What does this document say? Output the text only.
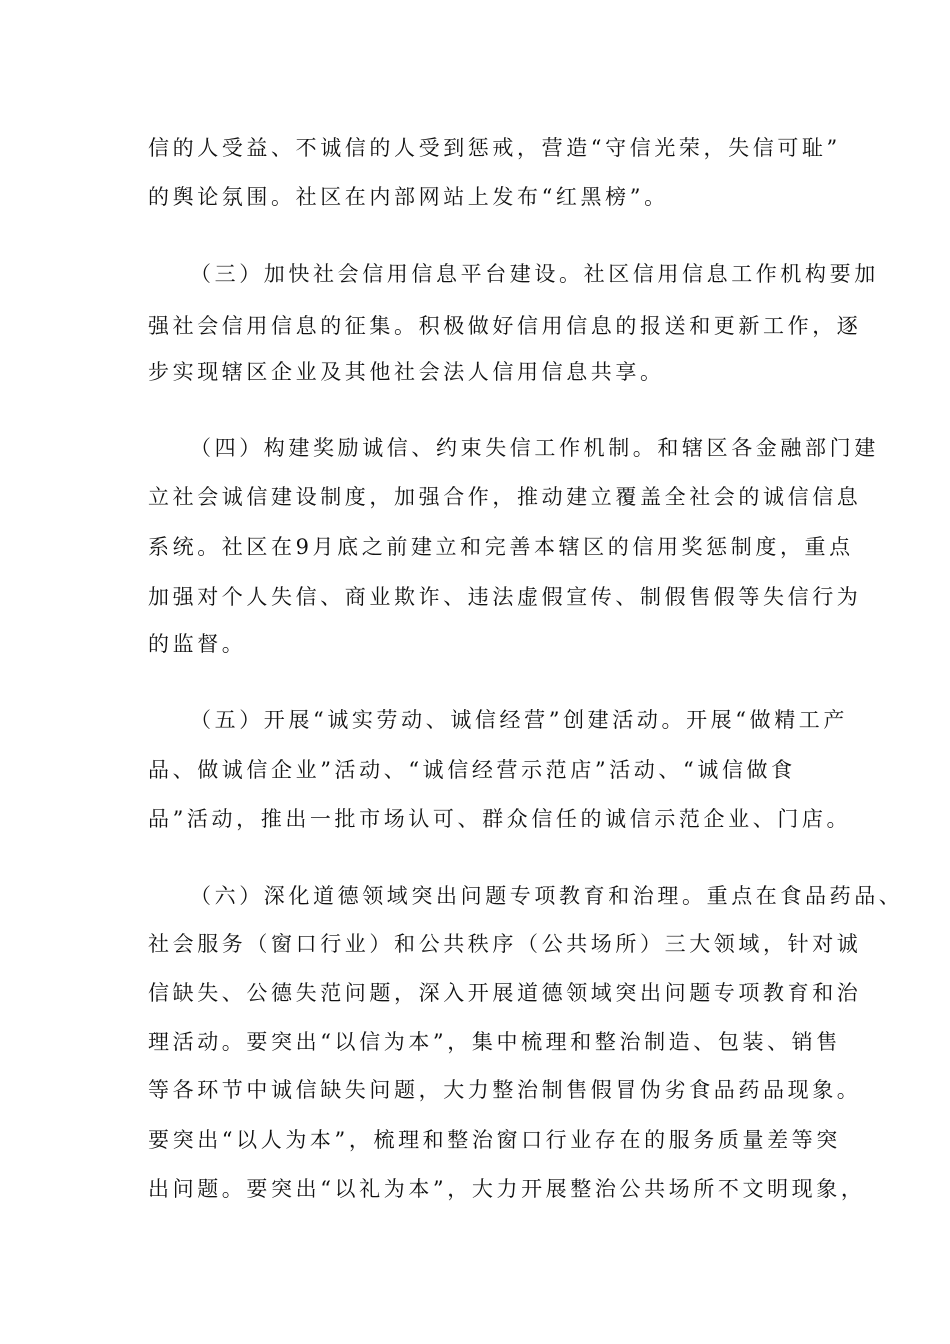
信的人受益、不诚信的人受到惩戒，营造“守信光荣，失信可耻”
的舆论氛围。社区在内部网站上发布“红黑榜”。
（三）加快社会信用信息平台建设。社区信用信息工作机构要加
强社会信用信息的征集。积极做好信用信息的报送和更新工作，逐
步实现辖区企业及其他社会法人信用信息共享。
（四）构建奖励诚信、约束失信工作机制。和辖区各金融部门建
立社会诚信建设制度，加强合作，推动建立覆盖全社会的诚信信息
系统。社区在9月底之前建立和完善本辖区的信用奖惩制度，重点
加强对个人失信、商业欺诈、违法虚假宣传、制假售假等失信行为
的监督。
（五）开展“诚实劳动、诚信经营”创建活动。开展“做精工产
品、做诚信企业”活动、“诚信经营示范店”活动、“诚信做食
品”活动，推出一批市场认可、群众信任的诚信示范企业、门店。
（六）深化道德领域突出问题专项教育和治理。重点在食品药品、
社会服务（窗口行业）和公共秩序（公共场所）三大领域，针对诚
信缺失、公德失范问题，深入开展道德领域突出问题专项教育和治
理活动。要突出“以信为本”，集中梳理和整治制造、包装、销售
等各环节中诚信缺失问题，大力整治制售假冒伪劣食品药品现象。
要突出“以人为本”，梳理和整治窗口行业存在的服务质量差等突
出问题。要突出“以礼为本”，大力开展整治公共场所不文明现象，
